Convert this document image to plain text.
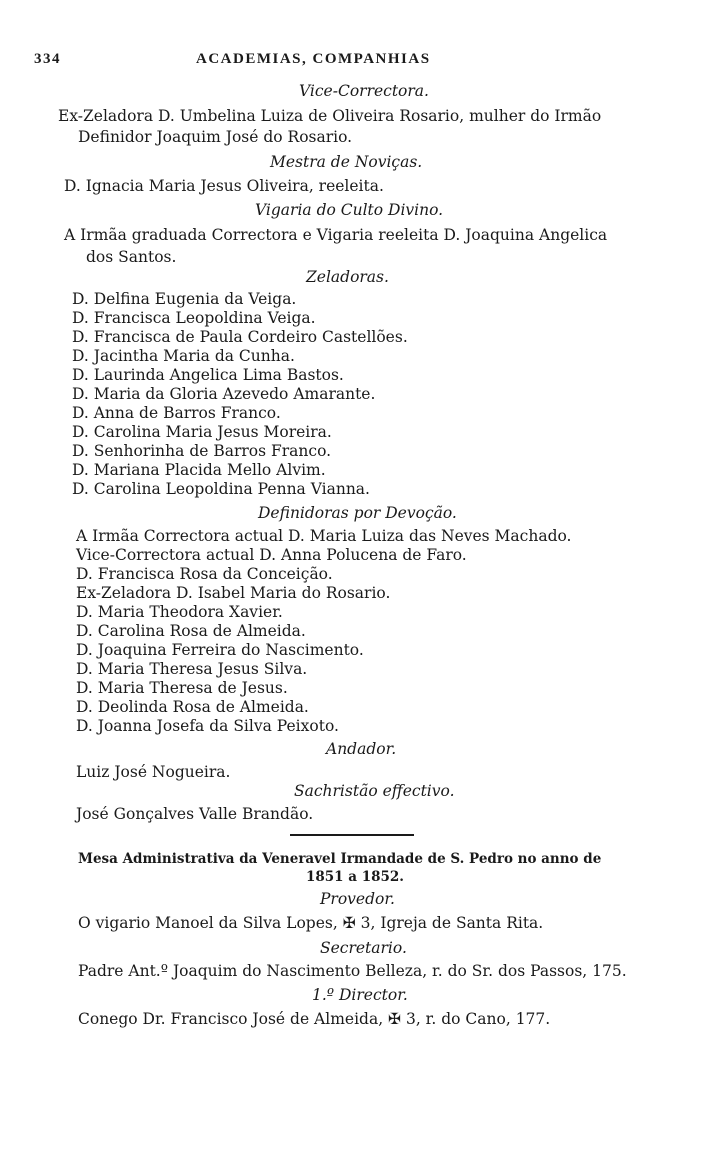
334	ACADEMIAS, COMPANHIAS
Vice-Correctora.
Ex-Zeladora D. Umbelina Luiza de Oliveira Rosario, mulher do Irmão
Definidor Joaquim José do Rosario.
Mestra de Noviças.
D. Ignacia Maria Jesus Oliveira, reeleita.
Vigaria do Culto Divino.
A Irmãa graduada Correctora e Vigaria reeleita D. Joaquina Angelica
dos Santos.
Zeladoras.
D. Delfina Eugenia da Veiga.
D. Francisca Leopoldina Veiga.
D. Francisca de Paula Cordeiro Castellões.
D. Jacintha Maria da Cunha.
D. Laurinda Angelica Lima Bastos.
D. Maria da Gloria Azevedo Amarante.
D. Anna de Barros Franco.
D. Carolina Maria Jesus Moreira.
D. Senhorinha de Barros Franco.
D. Mariana Placida Mello Alvim.
D. Carolina Leopoldina Penna Vianna.
Definidoras por Devoção.
A Irmãa Correctora actual D. Maria Luiza das Neves Machado.
Vice-Correctora actual D. Anna Polucena de Faro.
D. Francisca Rosa da Conceição.
Ex-Zeladora D. Isabel Maria do Rosario.
D. Maria Theodora Xavier.
D. Carolina Rosa de Almeida.
D. Joaquina Ferreira do Nascimento.
D. Maria Theresa Jesus Silva.
D. Maria Theresa de Jesus.
D. Deolinda Rosa de Almeida.
D. Joanna Josefa da Silva Peixoto.
Andador.
Luiz José Nogueira.
Sachristão effectivo.
José Gonçalves Valle Brandão.
Mesa Administrativa da Veneravel Irmandade de S. Pedro no anno de
1851 a 1852.
Provedor.
O vigario Manoel da Silva Lopes, ✠ 3, Igreja de Santa Rita.
Secretario.
Padre Ant.º Joaquim do Nascimento Belleza, r. do Sr. dos Passos, 175.
1.º Director.
Conego Dr. Francisco José de Almeida, ✠ 3, r. do Cano, 177.
